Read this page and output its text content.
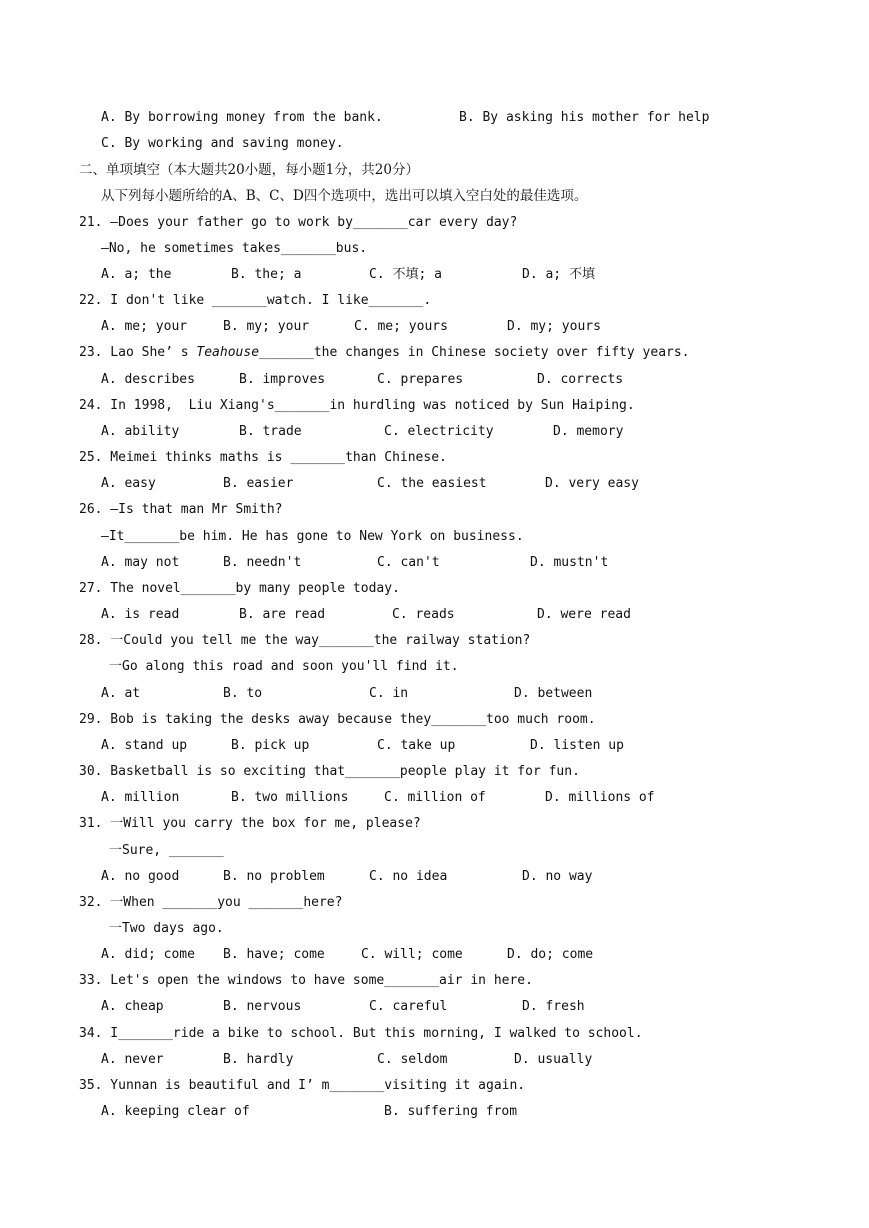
A. By borrowing money from the bank.	B. By asking his mother for help
C. By working and saving money.
二、单项填空（本大题共20小题，每小题1分，共20分）
从下列每小题所给的A、B、C、D四个选项中，选出可以填入空白处的最佳选项。
21. —Does your father go to work by_______car every day?
—No, he sometimes takes_______bus.
A. a; the	B. the; a	C. 不填; a	D. a; 不填
22. I don't like _______watch. I like_______.
A. me; your	B. my; your	C. me; yours	D. my; yours
23. Lao She’ s Teahouse_______the changes in Chinese society over fifty years.
A. describes	B. improves	C. prepares	D. corrects
24. In 1998,  Liu Xiang's_______in hurdling was noticed by Sun Haiping.
A. ability	B. trade	C. electricity	D. memory
25. Meimei thinks maths is _______than Chinese.
A. easy	B. easier	C. the easiest	D. very easy
26. —Is that man Mr Smith?
—It_______be him. He has gone to New York on business.
A. may not	B. needn't	C. can't	D. mustn't
27. The novel_______by many people today.
A. is read	B. are read	C. reads	D. were read
28. 一Could you tell me the way_______the railway station?
一Go along this road and soon you'll find it.
A. at	B. to	C. in	D. between
29. Bob is taking the desks away because they_______too much room.
A. stand up	B. pick up	C. take up	D. listen up
30. Basketball is so exciting that_______people play it for fun.
A. million	B. two millions	C. million of	D. millions of
31. 一Will you carry the box for me, please?
一Sure, _______
A. no good	B. no problem	C. no idea	D. no way
32. 一When _______you _______here?
一Two days ago.
A. did; come B. have; come	C. will; come	D. do; come
33. Let's open the windows to have some_______air in here.
A. cheap	B. nervous	C. careful	D. fresh
34. I_______ride a bike to school. But this morning, I walked to school.
A. never	B. hardly	C. seldom	D. usually
35. Yunnan is beautiful and I’ m_______visiting it again.
A. keeping clear of	B. suffering from
